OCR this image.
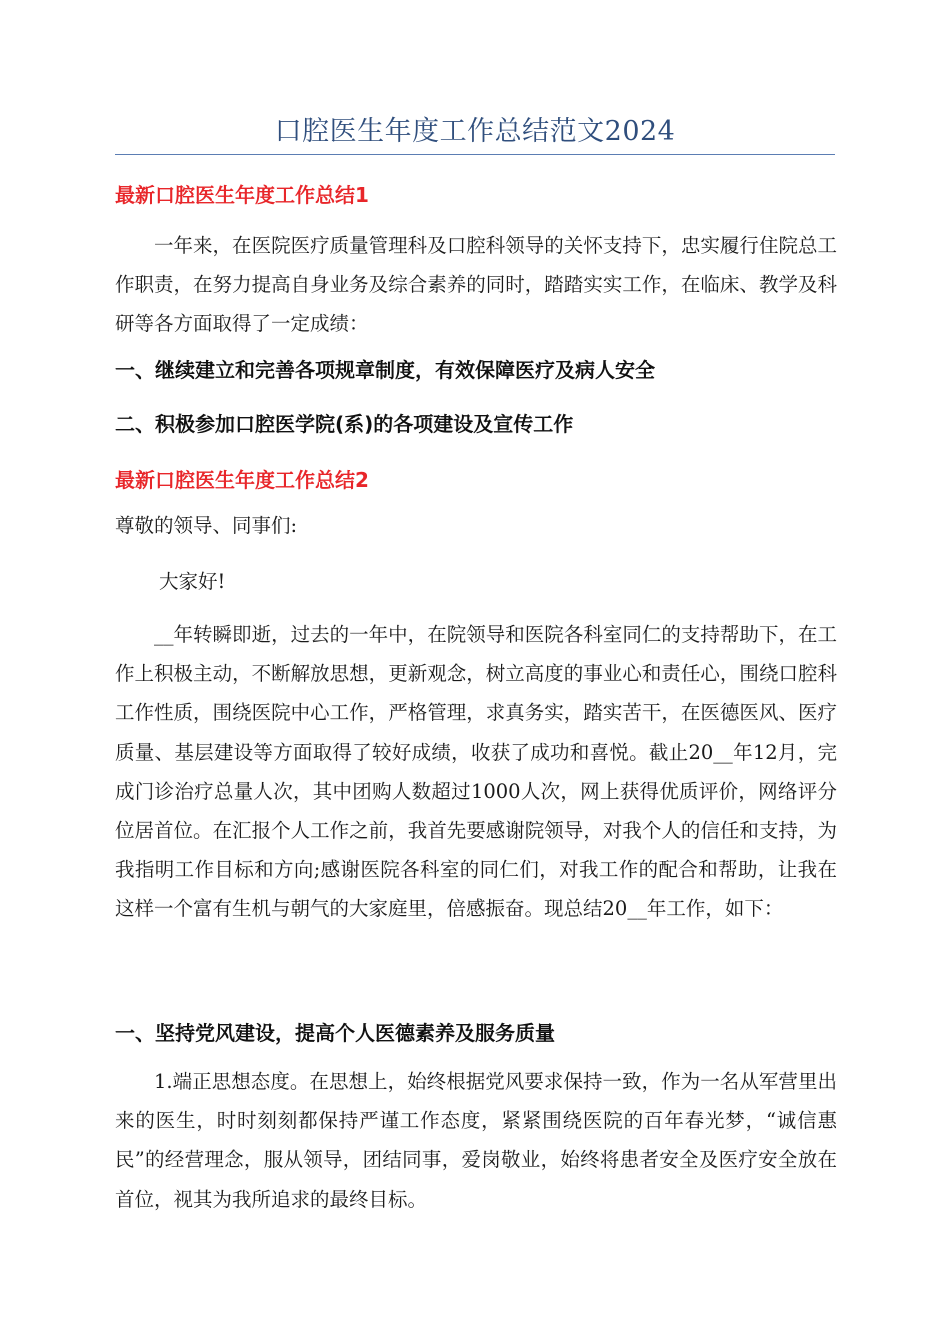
口腔医生年度工作总结范文2024
最新口腔医生年度工作总结1
一年来，在医院医疗质量管理科及口腔科领导的关怀支持下，忠实履行住院总工作职责，在努力提高自身业务及综合素养的同时，踏踏实实工作，在临床、教学及科研等各方面取得了一定成绩：
一、继续建立和完善各项规章制度，有效保障医疗及病人安全
二、积极参加口腔医学院(系)的各项建设及宣传工作
最新口腔医生年度工作总结2
尊敬的领导、同事们:
大家好!
__年转瞬即逝，过去的一年中，在院领导和医院各科室同仁的支持帮助下，在工作上积极主动，不断解放思想，更新观念，树立高度的事业心和责任心，围绕口腔科工作性质，围绕医院中心工作，严格管理，求真务实，踏实苦干，在医德医风、医疗质量、基层建设等方面取得了较好成绩，收获了成功和喜悦。截止20__年12月，完成门诊治疗总量人次，其中团购人数超过1000人次，网上获得优质评价，网络评分位居首位。在汇报个人工作之前，我首先要感谢院领导，对我个人的信任和支持，为我指明工作目标和方向;感谢医院各科室的同仁们，对我工作的配合和帮助，让我在这样一个富有生机与朝气的大家庭里，倍感振奋。现总结20__年工作，如下：
一、坚持党风建设，提高个人医德素养及服务质量
1.端正思想态度。在思想上，始终根据党风要求保持一致，作为一名从军营里出来的医生，时时刻刻都保持严谨工作态度，紧紧围绕医院的百年春光梦，“诚信惠民”的经营理念，服从领导，团结同事，爱岗敬业，始终将患者安全及医疗安全放在首位，视其为我所追求的最终目标。
